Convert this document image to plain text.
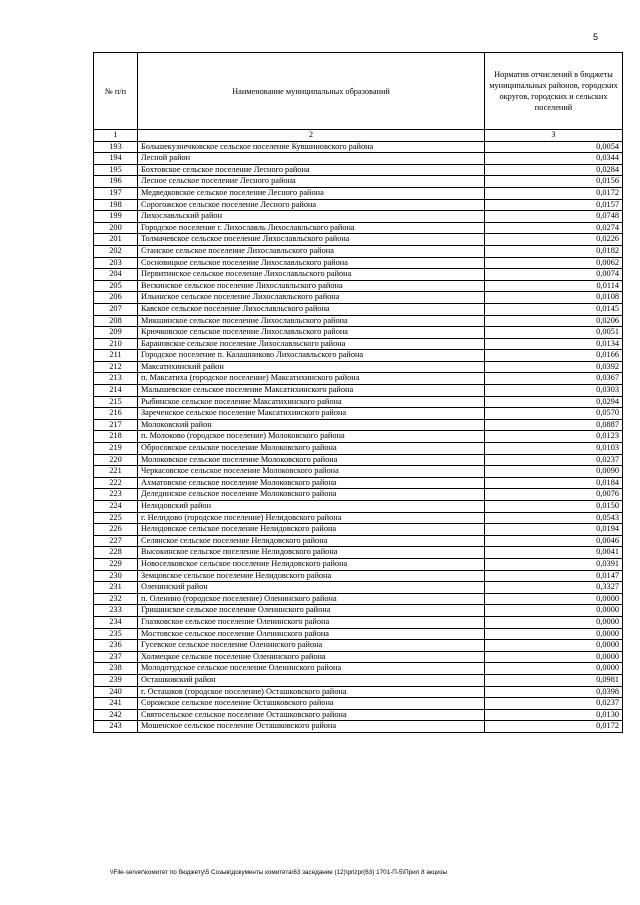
5
№ п/п	Наименование муниципальных образований	Норматив отчислений в бюджеты муниципальных районов, городских округов, городских и сельских поселений
1	2	3
193	Большекузнечковское сельское поселение Кувшиновского района	0,0054
194	Лесной район	0,0344
195	Бохтовское сельское поселение Лесного района	0,0284
196	Лесное сельское поселение Лесного района	0,0156
197	Медведковское сельское поселение Лесного района	0,0172
198	Сорогожское сельское поселение Лесного района	0,0157
199	Лихославльский район	0,0748
200	Городское поселение г. Лихославль Лихославльского района	0,0274
201	Толмачевское сельское поселение Лихославльского района	0,0226
202	Станское сельское поселение Лихославльского района	0,0182
203	Сосновицкое сельское поселение Лихославльского района	0,0062
204	Первитинское сельское поселение Лихославльского района	0,0074
205	Вескинское сельское поселение Лихославльского района	0,0114
206	Ильинское сельское поселение Лихославльского района	0,0108
207	Кавское сельское поселение Лихославльского района	0,0145
208	Микшинское сельское поселение Лихославльского района	0,0206
209	Крючковское сельское поселение Лихославльского района	0,0051
210	Барановское сельское поселение Лихославльского района	0,0134
211	Городское поселение п. Калашниково Лихославльского района	0,0166
212	Максатихинский район	0,0392
213	п. Максатиха (городское поселение) Максатихинского района	0,0367
214	Малышевское сельское поселение Максатихинского района	0,0303
215	Рыбинское сельское поселение Максатихинского района	0,0294
216	Зареченское сельское поселение Максатихинского района	0,0570
217	Молоковский район	0,0887
218	п. Молоково (городское поселение) Молоковского района	0,0123
219	Обросовское сельское поселение Молоковского района	0,0103
220	Молоковское сельское поселение Молоковского района	0,0237
221	Черкасовское сельское поселение Молоковского района	0,0090
222	Ахматовское сельское поселение Молоковского района	0,0184
223	Делединское сельское поселение Молоковского района	0,0076
224	Нелидовский район	0,0150
225	г. Нелидово (городское поселение) Нелидовского района	0,0543
226	Нелидовское сельское поселение Нелидовского района	0,0194
227	Селянское сельское поселение Нелидовского района	0,0046
228	Высокинское сельское поселение Нелидовского района	0,0041
229	Новоселковское сельское поселение Нелидовского района	0,0391
230	Земцовское сельское поселение Нелидовского района	0,0147
231	Оленинский район	0,3327
232	п. Оленино (городское поселение) Оленинского района	0,0000
233	Гришинское сельское поселение Оленинского района	0,0000
234	Глазковское сельское поселение Оленинского района	0,0000
235	Мостовское сельское поселение Оленинского района	0,0000
236	Гусевское сельское поселение Оленинского района	0,0000
237	Холмецкое сельское поселение Оленинского района	0,0000
238	Молодотудское сельское поселение Оленинского района	0,0000
239	Осташковский район	0,0981
240	г. Осташков (городское поселение) Осташковского района	0,0398
241	Сорожское сельское поселение Осташковского района	0,0237
242	Святосельское сельское поселение Осташковского района	0,0130
243	Мошенское сельское поселение Осташковского района	0,0172
\\File-server\комитет по бюджету\5 Созыв\документы комитета\63 заседание (12)\prizpr(63) 1701-П-5\Прил 8 акцизы
